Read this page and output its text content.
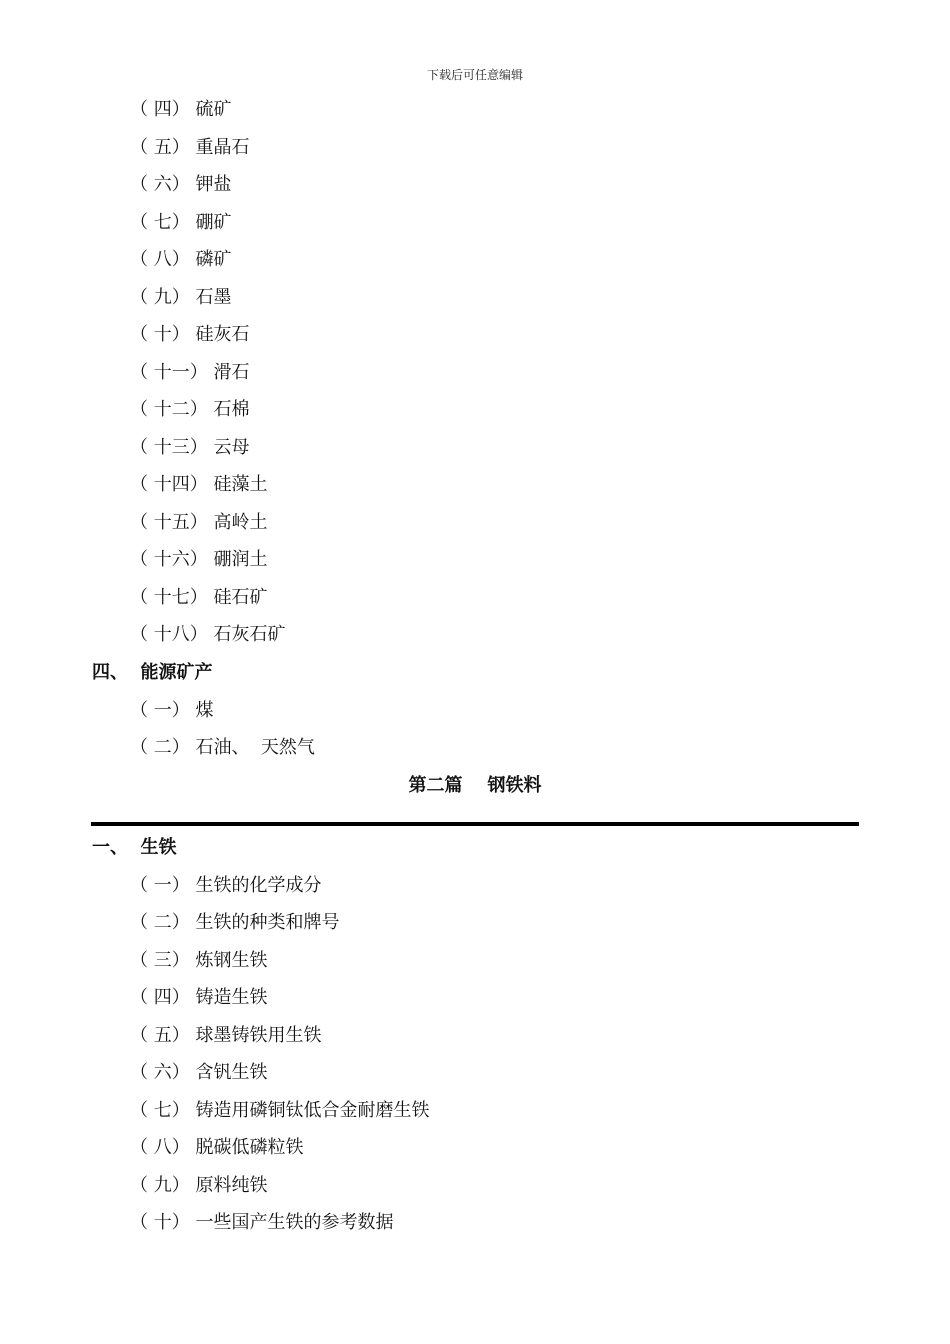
下载后可任意编辑
（ 四） 硫矿
（ 五） 重晶石
（ 六） 钾盐
（ 七） 硼矿
（ 八） 磷矿
（ 九） 石墨
（ 十） 硅灰石
（ 十一） 滑石
（ 十二） 石棉
（ 十三） 云母
（ 十四） 硅藻土
（ 十五） 高岭土
（ 十六） 硼润土
（ 十七） 硅石矿
（ 十八） 石灰石矿
四、  能源矿产
（ 一） 煤
（ 二） 石油、  天然气
第二篇    钢铁料
一、  生铁
（ 一） 生铁的化学成分
（ 二） 生铁的种类和牌号
（ 三） 炼钢生铁
（ 四） 铸造生铁
（ 五） 球墨铸铁用生铁
（ 六） 含钒生铁
（ 七） 铸造用磷铜钛低合金耐磨生铁
（ 八） 脱碳低磷粒铁
（ 九） 原料纯铁
（ 十） 一些国产生铁的参考数据
